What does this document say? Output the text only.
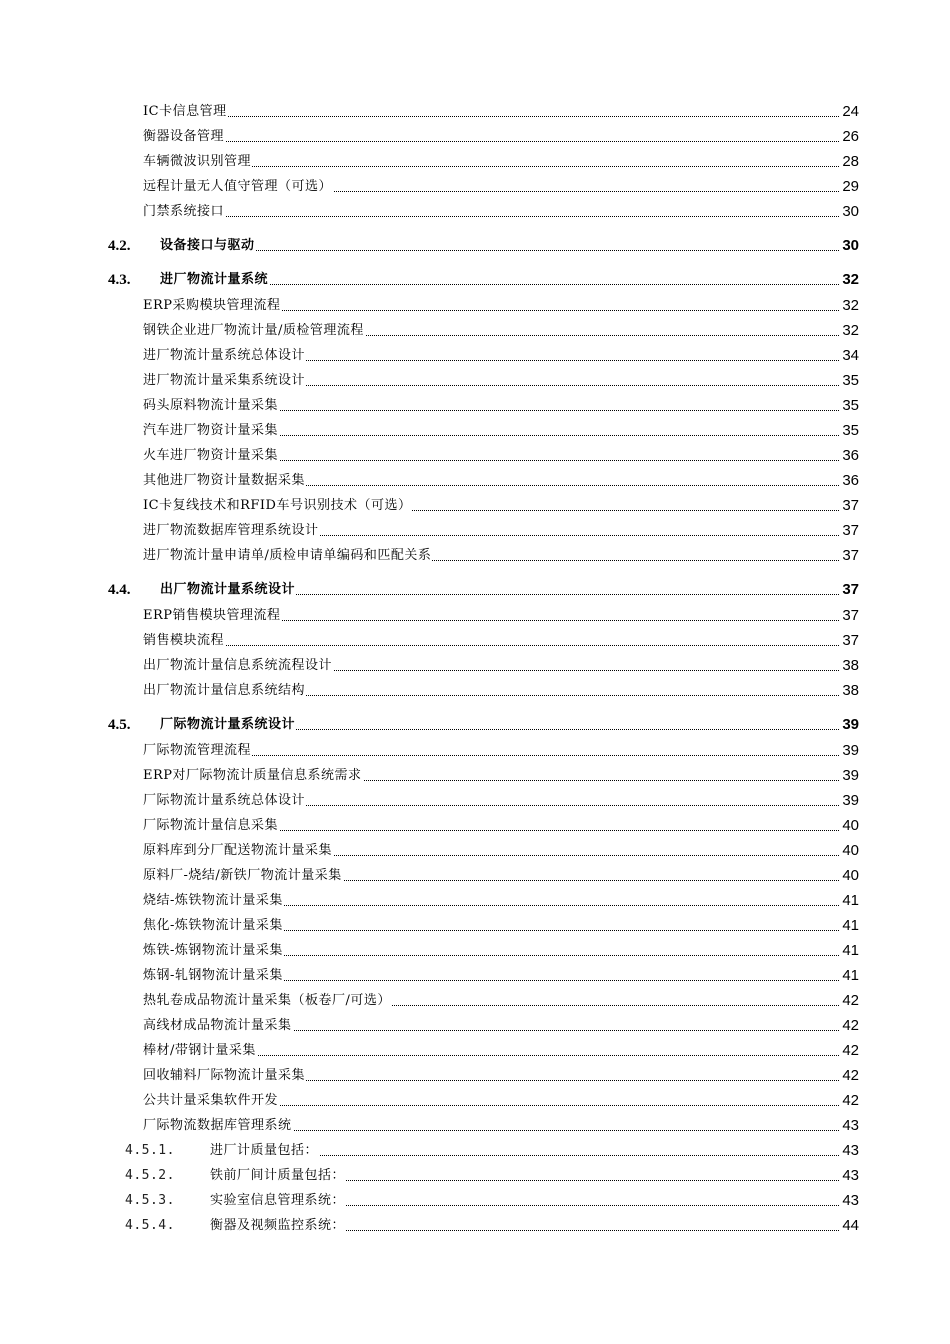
IC卡信息管理	24
衡器设备管理	26
车辆微波识别管理	28
远程计量无人值守管理（可选）	29
门禁系统接口	30
4.2. 设备接口与驱动	30
4.3. 进厂物流计量系统	32
ERP采购模块管理流程	32
钢铁企业进厂物流计量/质检管理流程	32
进厂物流计量系统总体设计	34
进厂物流计量采集系统设计	35
码头原料物流计量采集	35
汽车进厂物资计量采集	35
火车进厂物资计量采集	36
其他进厂物资计量数据采集	36
IC卡复线技术和RFID车号识别技术（可选）	37
进厂物流数据库管理系统设计	37
进厂物流计量申请单/质检申请单编码和匹配关系	37
4.4. 出厂物流计量系统设计	37
ERP销售模块管理流程	37
销售模块流程	37
出厂物流计量信息系统流程设计	38
出厂物流计量信息系统结构	38
4.5. 厂际物流计量系统设计	39
厂际物流管理流程	39
ERP对厂际物流计质量信息系统需求	39
厂际物流计量系统总体设计	39
厂际物流计量信息采集	40
原料库到分厂配送物流计量采集	40
原料厂-烧结/新铁厂物流计量采集	40
烧结-炼铁物流计量采集	41
焦化-炼铁物流计量采集	41
炼铁-炼钢物流计量采集	41
炼钢-轧钢物流计量采集	41
热轧卷成品物流计量采集（板卷厂/可选）	42
高线材成品物流计量采集	42
棒材/带钢计量采集	42
回收辅料厂际物流计量采集	42
公共计量采集软件开发	42
厂际物流数据库管理系统	43
4.5.1.	进厂计质量包括：	43
4.5.2.	铁前厂间计质量包括：	43
4.5.3.	实验室信息管理系统：	43
4.5.4.	衡器及视频监控系统：	44
